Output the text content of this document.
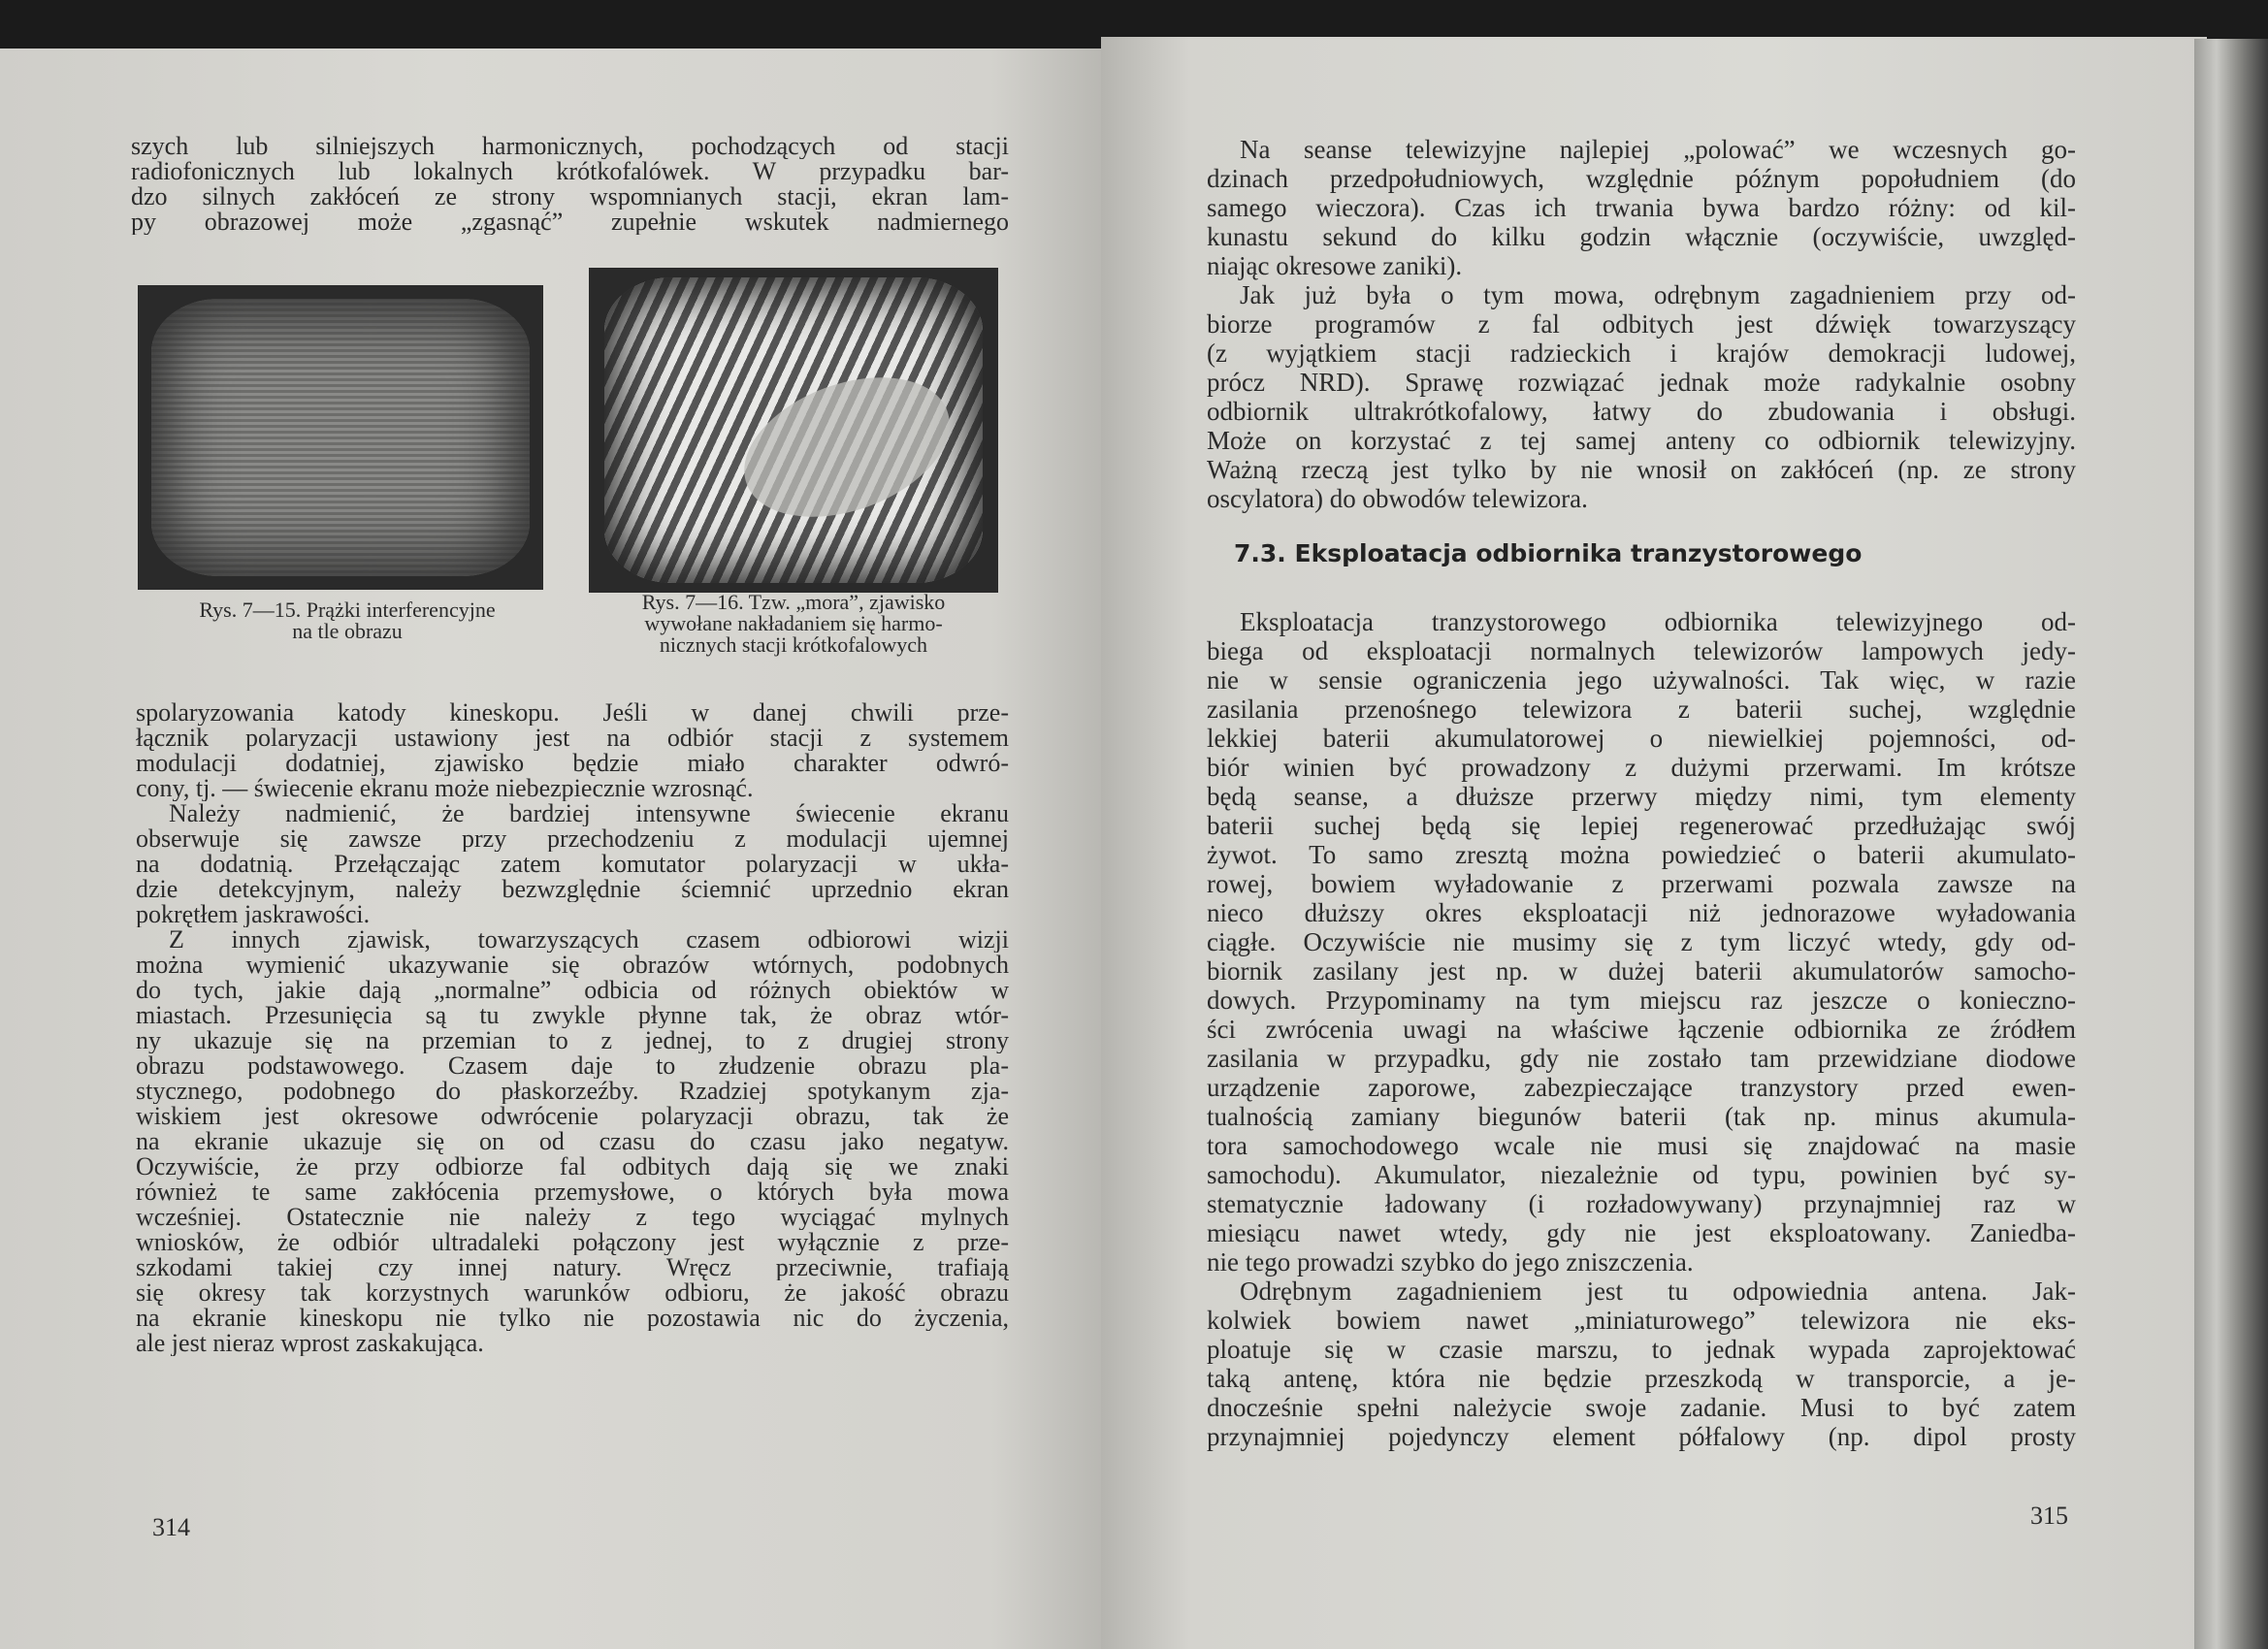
szych lub silniejszych harmonicznych, pochodzących od stacji
radiofonicznych lub lokalnych krótkofalówek. W przypadku bar-
dzo silnych zakłóceń ze strony wspomnianych stacji, ekran lam-
py obrazowej może „zgasnąć” zupełnie wskutek nadmiernego
Rys. 7—15. Prążki interferencyjne
na tle obrazu
Rys. 7—16. Tzw. „mora”, zjawisko
wywołane nakładaniem się harmo-
nicznych stacji krótkofalowych
spolaryzowania katody kineskopu. Jeśli w danej chwili prze-
łącznik polaryzacji ustawiony jest na odbiór stacji z systemem
modulacji dodatniej, zjawisko będzie miało charakter odwró-
cony, tj. — świecenie ekranu może niebezpiecznie wzrosnąć.
Należy nadmienić, że bardziej intensywne świecenie ekranu
obserwuje się zawsze przy przechodzeniu z modulacji ujemnej
na dodatnią. Przełączając zatem komutator polaryzacji w ukła-
dzie detekcyjnym, należy bezwzględnie ściemnić uprzednio ekran
pokrętłem jaskrawości.
Z innych zjawisk, towarzyszących czasem odbiorowi wizji
można wymienić ukazywanie się obrazów wtórnych, podobnych
do tych, jakie dają „normalne” odbicia od różnych obiektów w
miastach. Przesunięcia są tu zwykle płynne tak, że obraz wtór-
ny ukazuje się na przemian to z jednej, to z drugiej strony
obrazu podstawowego. Czasem daje to złudzenie obrazu pla-
stycznego, podobnego do płaskorzeźby. Rzadziej spotykanym zja-
wiskiem jest okresowe odwrócenie polaryzacji obrazu, tak że
na ekranie ukazuje się on od czasu do czasu jako negatyw.
Oczywiście, że przy odbiorze fal odbitych dają się we znaki
również te same zakłócenia przemysłowe, o których była mowa
wcześniej. Ostatecznie nie należy z tego wyciągać mylnych
wniosków, że odbiór ultradaleki połączony jest wyłącznie z prze-
szkodami takiej czy innej natury. Wręcz przeciwnie, trafiają
się okresy tak korzystnych warunków odbioru, że jakość obrazu
na ekranie kineskopu nie tylko nie pozostawia nic do życzenia,
ale jest nieraz wprost zaskakująca.
314
Na seanse telewizyjne najlepiej „polować” we wczesnych go-
dzinach przedpołudniowych, względnie późnym popołudniem (do
samego wieczora). Czas ich trwania bywa bardzo różny: od kil-
kunastu sekund do kilku godzin włącznie (oczywiście, uwzględ-
niając okresowe zaniki).
Jak już była o tym mowa, odrębnym zagadnieniem przy od-
biorze programów z fal odbitych jest dźwięk towarzyszący
(z wyjątkiem stacji radzieckich i krajów demokracji ludowej,
prócz NRD). Sprawę rozwiązać jednak może radykalnie osobny
odbiornik ultrakrótkofalowy, łatwy do zbudowania i obsługi.
Może on korzystać z tej samej anteny co odbiornik telewizyjny.
Ważną rzeczą jest tylko by nie wnosił on zakłóceń (np. ze strony
oscylatora) do obwodów telewizora.
7.3. Eksploatacja odbiornika tranzystorowego
Eksploatacja tranzystorowego odbiornika telewizyjnego od-
biega od eksploatacji normalnych telewizorów lampowych jedy-
nie w sensie ograniczenia jego używalności. Tak więc, w razie
zasilania przenośnego telewizora z baterii suchej, względnie
lekkiej baterii akumulatorowej o niewielkiej pojemności, od-
biór winien być prowadzony z dużymi przerwami. Im krótsze
będą seanse, a dłuższe przerwy między nimi, tym elementy
baterii suchej będą się lepiej regenerować przedłużając swój
żywot. To samo zresztą można powiedzieć o baterii akumulato-
rowej, bowiem wyładowanie z przerwami pozwala zawsze na
nieco dłuższy okres eksploatacji niż jednorazowe wyładowania
ciągłe. Oczywiście nie musimy się z tym liczyć wtedy, gdy od-
biornik zasilany jest np. w dużej baterii akumulatorów samocho-
dowych. Przypominamy na tym miejscu raz jeszcze o konieczno-
ści zwrócenia uwagi na właściwe łączenie odbiornika ze źródłem
zasilania w przypadku, gdy nie zostało tam przewidziane diodowe
urządzenie zaporowe, zabezpieczające tranzystory przed ewen-
tualnością zamiany biegunów baterii (tak np. minus akumula-
tora samochodowego wcale nie musi się znajdować na masie
samochodu). Akumulator, niezależnie od typu, powinien być sy-
stematycznie ładowany (i rozładowywany) przynajmniej raz w
miesiącu nawet wtedy, gdy nie jest eksploatowany. Zaniedba-
nie tego prowadzi szybko do jego zniszczenia.
Odrębnym zagadnieniem jest tu odpowiednia antena. Jak-
kolwiek bowiem nawet „miniaturowego” telewizora nie eks-
ploatuje się w czasie marszu, to jednak wypada zaprojektować
taką antenę, która nie będzie przeszkodą w transporcie, a je-
dnocześnie spełni należycie swoje zadanie. Musi to być zatem
przynajmniej pojedynczy element półfalowy (np. dipol prosty
315
